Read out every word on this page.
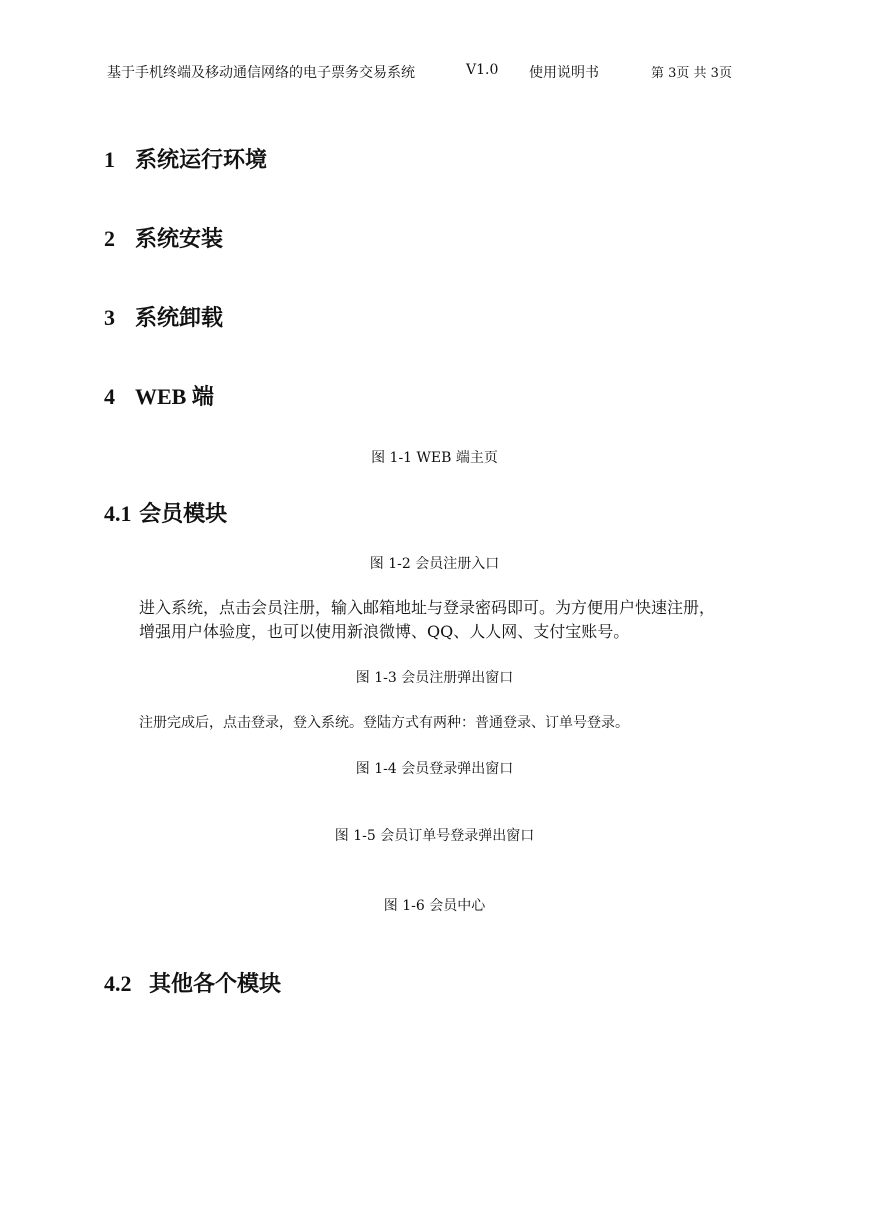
基于手机终端及移动通信网络的电子票务交易系统	V1.0 使用说明书	第 3页 共 3页
1 系统运行环境
2 系统安装
3 系统卸载
4 WEB 端
图 1-1 WEB 端主页
4.1 会员模块
图 1-2 会员注册入口
进入系统，点击会员注册，输入邮箱地址与登录密码即可。为方便用户快速注册，
增强用户体验度，也可以使用新浪微博、QQ、人人网、支付宝账号。
图 1-3 会员注册弹出窗口

注册完成后，点击登录，登入系统。登陆方式有两种：普通登录、订单号登录。

图 1-4 会员登录弹出窗口
图 1-5 会员订单号登录弹出窗口
图 1-6 会员中心
4.2 其他各个模块
